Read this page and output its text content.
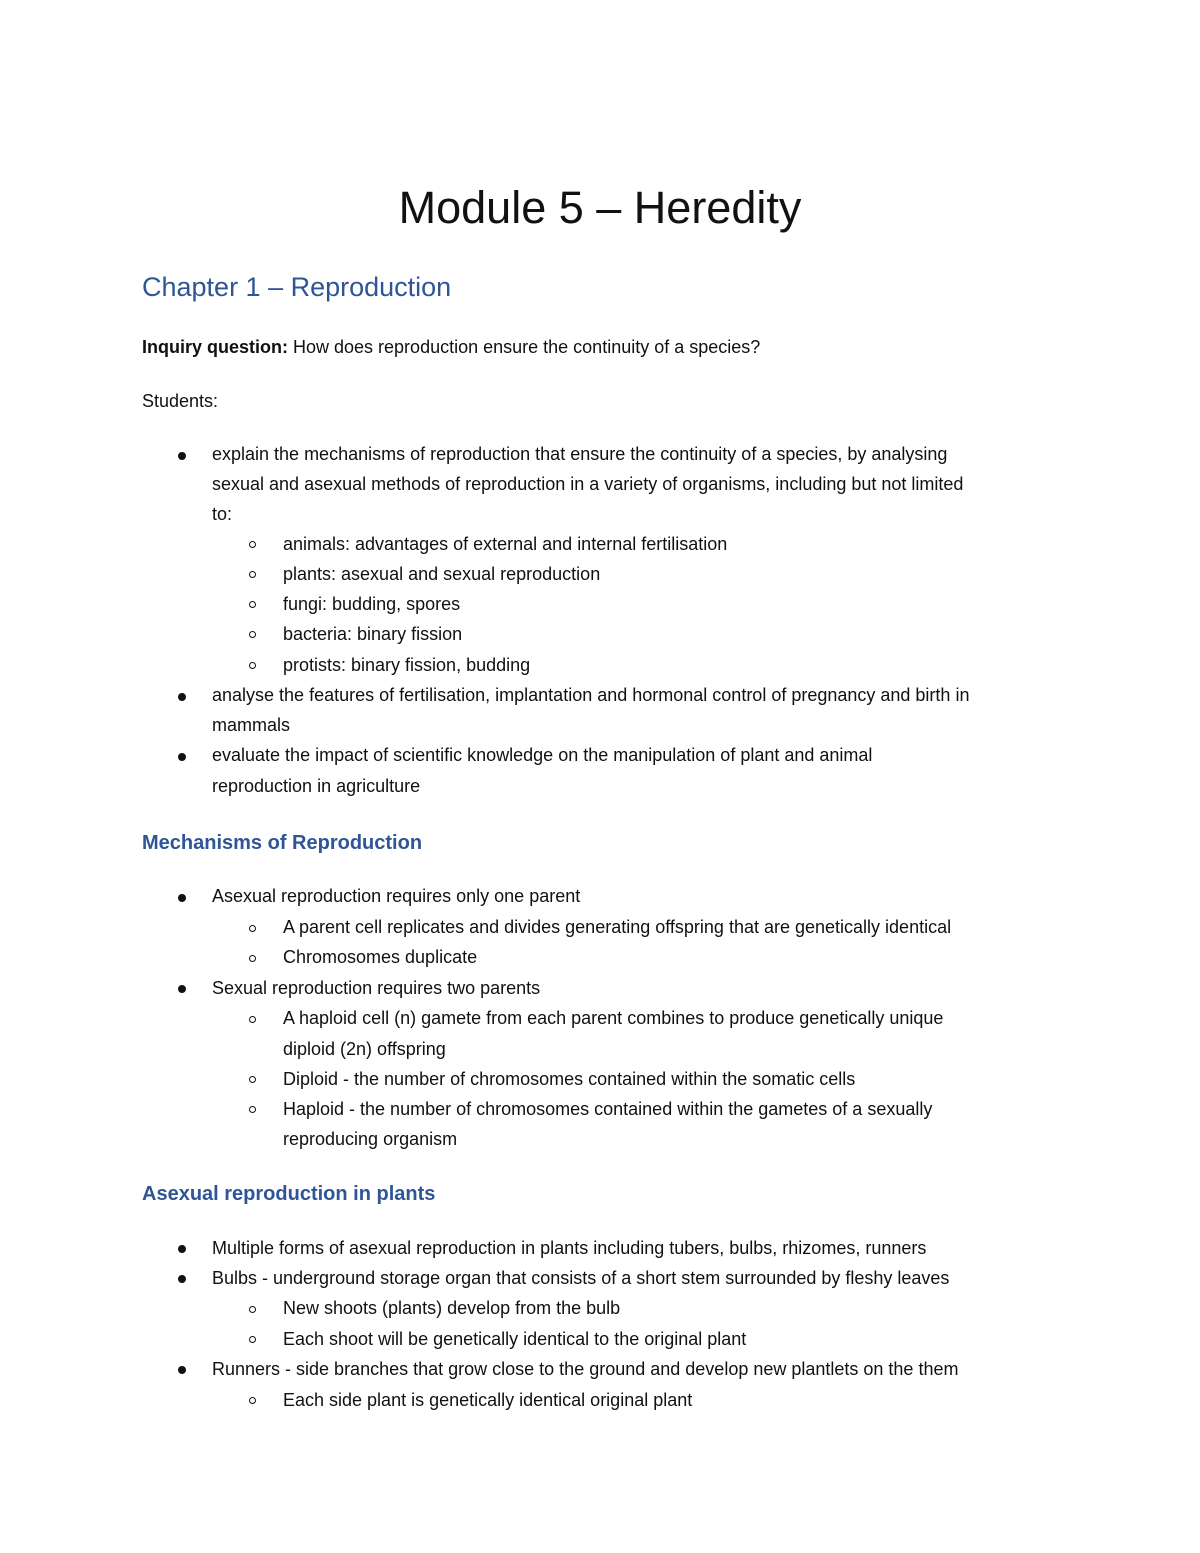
Module 5 – Heredity
Chapter 1 – Reproduction

Inquiry question: How does reproduction ensure the continuity of a species?

Students:

explain the mechanisms of reproduction that ensure the continuity of a species, by analysing

sexual and asexual methods of reproduction in a variety of organisms, including but not limited

to:

animals: advantages of external and internal fertilisation

plants: asexual and sexual reproduction

fungi: budding, spores

bacteria: binary fission

protists: binary fission, budding

analyse the features of fertilisation, implantation and hormonal control of pregnancy and birth in

mammals

evaluate the impact of scientific knowledge on the manipulation of plant and animal

reproduction in agriculture

Mechanisms of Reproduction

Asexual reproduction requires only one parent

A parent cell replicates and divides generating offspring that are genetically identical

Chromosomes duplicate

Sexual reproduction requires two parents

A haploid cell (n) gamete from each parent combines to produce genetically unique

diploid (2n) offspring

Diploid - the number of chromosomes contained within the somatic cells

Haploid - the number of chromosomes contained within the gametes of a sexually

reproducing organism

Asexual reproduction in plants

Multiple forms of asexual reproduction in plants including tubers, bulbs, rhizomes, runners

Bulbs - underground storage organ that consists of a short stem surrounded by fleshy leaves

New shoots (plants) develop from the bulb

Each shoot will be genetically identical to the original plant

Runners - side branches that grow close to the ground and develop new plantlets on the them

Each side plant is genetically identical original plant
